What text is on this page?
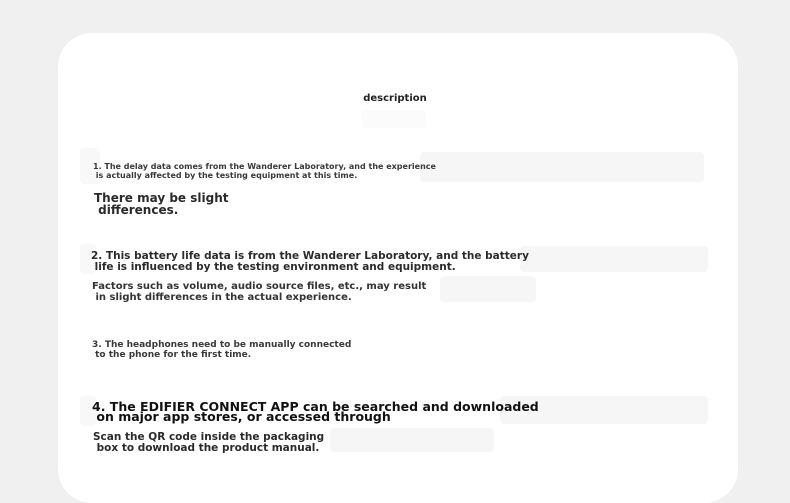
description
1. The delay data comes from the Wanderer Laboratory, and the experience
is actually affected by the testing equipment at this time.
There may be slight
differences.
2. This battery life data is from the Wanderer Laboratory, and the battery
life is influenced by the testing environment and equipment.
Factors such as volume, audio source files, etc., may result
in slight differences in the actual experience.
3. The headphones need to be manually connected
to the phone for the first time.
4. The EDIFIER CONNECT APP can be searched and downloaded
on major app stores, or accessed through
Scan the QR code inside the packaging
box to download the product manual.
